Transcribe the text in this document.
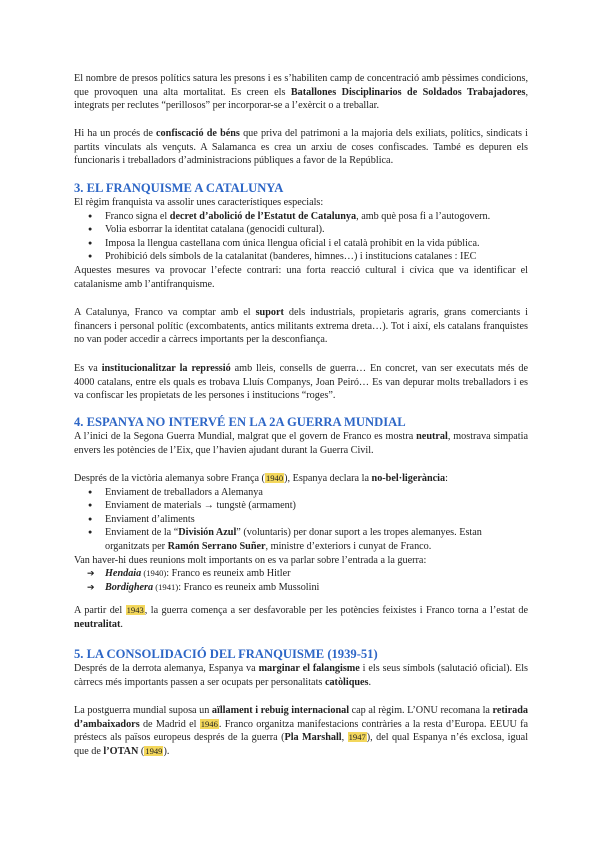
El nombre de presos polítics satura les presons i es s’habiliten camp de concentració amb pèssimes condicions, que provoquen una alta mortalitat. Es creen els Batallones Disciplinarios de Soldados Trabajadores, integrats per reclutes “perillosos” per incorporar-se a l’exèrcit o a treballar.
Hi ha un procés de confiscació de béns que priva del patrimoni a la majoria dels exiliats, polítics, sindicats i partits vinculats als vençuts. A Salamanca es crea un arxiu de coses confiscades. També es depuren els funcionaris i treballadors d’administracions públiques a favor de la República.
3. EL FRANQUISME A CATALUNYA
El règim franquista va assolir unes característiques especials:
● Franco signa el decret d’abolició de l’Estatut de Catalunya, amb què posa fi a l’autogovern.
● Volia esborrar la identitat catalana (genocidi cultural).
● Imposa la llengua castellana com única llengua oficial i el català prohibit en la vida pública.
● Prohibició dels símbols de la catalanitat (banderes, himnes…) i institucions catalanes : IEC
Aquestes mesures va provocar l’efecte contrari: una forta reacció cultural i cívica que va identificar el catalanisme amb l’antifranquisme.
A Catalunya, Franco va comptar amb el suport dels industrials, propietaris agraris, grans comerciants i financers i personal polític (excombatents, antics militants extrema dreta…). Tot i així, els catalans franquistes no van poder accedir a càrrecs importants per la desconfiança.
Es va institucionalitzar la repressió amb lleis, consells de guerra… En concret, van ser executats més de 4000 catalans, entre els quals es trobava Lluís Companys, Joan Peiró… Es van depurar molts treballadors i es va confiscar les propietats de les persones i institucions “roges”.
4. ESPANYA NO INTERVÉ EN LA 2A GUERRA MUNDIAL
A l’inici de la Segona Guerra Mundial, malgrat que el govern de Franco es mostra neutral, mostrava simpatia envers les potències de l’Eix, que l’havien ajudant durant la Guerra Civil.
Després de la victòria alemanya sobre França (1940), Espanya declara la no-bel·ligerància:
● Enviament de treballadors a Alemanya
● Enviament de materials → tungstè (armament)
● Enviament d’aliments
● Enviament de la “División Azul” (voluntaris) per donar suport a les tropes alemanyes. Estan organitzats per Ramón Serrano Suñer, ministre d’exteriors i cunyat de Franco.
Van haver-hi dues reunions molt importants on es va parlar sobre l’entrada a la guerra:
➔ Hendaia (1940): Franco es reuneix amb Hitler
➔ Bordighera (1941): Franco es reuneix amb Mussolini
A partir del 1943, la guerra comença a ser desfavorable per les potències feixistes i Franco torna a l’estat de neutralitat.
5. LA CONSOLIDACIÓ DEL FRANQUISME (1939-51)
Després de la derrota alemanya, Espanya va marginar el falangisme i els seus símbols (salutació oficial). Els càrrecs més importants passen a ser ocupats per personalitats catòliques.
La postguerra mundial suposa un aïllament i rebuig internacional cap al règim. L’ONU recomana la retirada d’ambaixadors de Madrid el 1946. Franco organitza manifestacions contràries a la resta d’Europa. EEUU fa préstecs als països europeus després de la guerra (Pla Marshall, 1947), del qual Espanya n’és exclosa, igual que de l’OTAN (1949).
